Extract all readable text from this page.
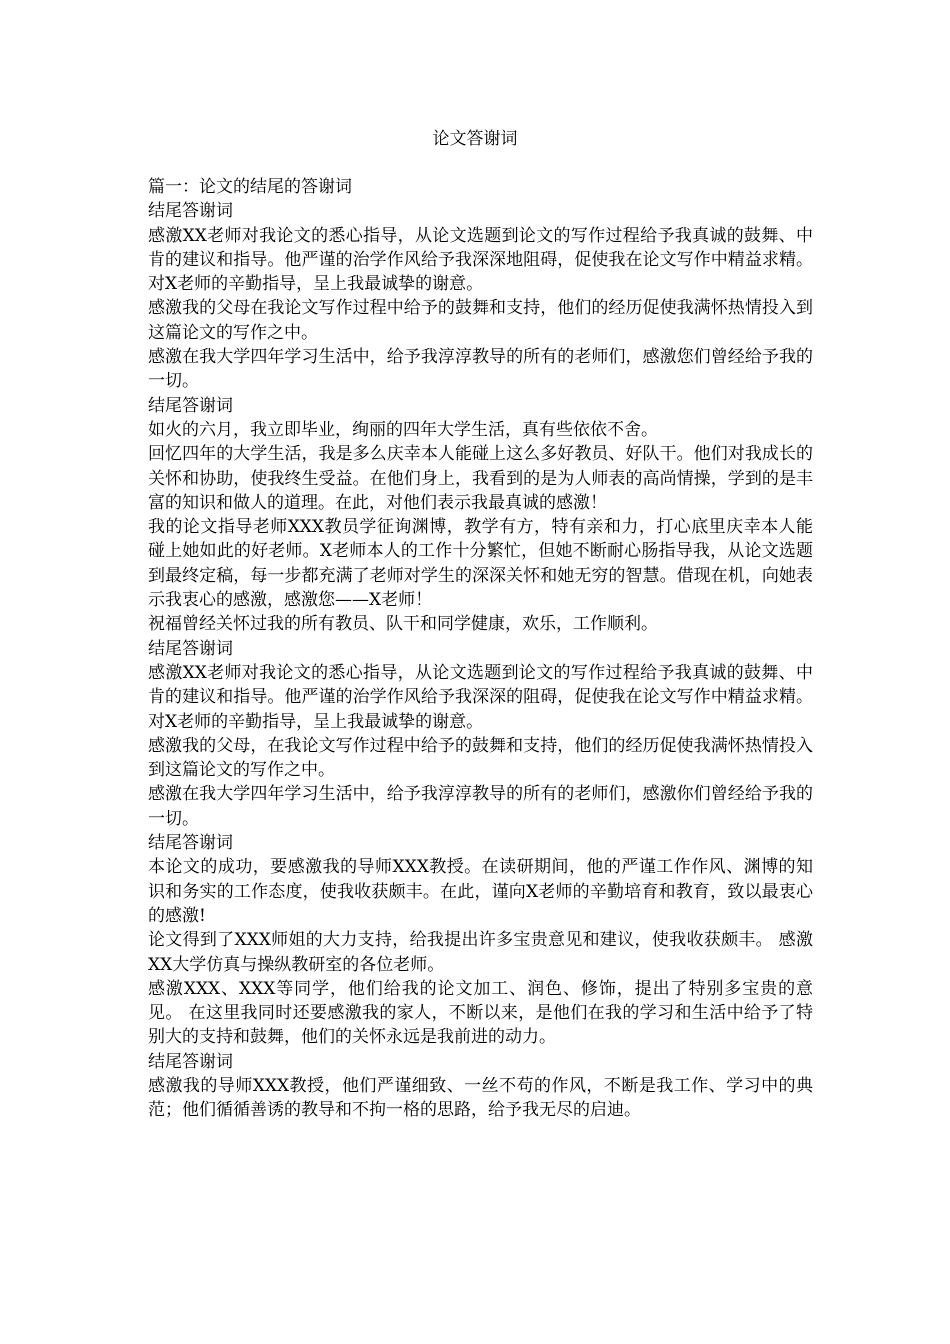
论文答谢词

篇一：论文的结尾的答谢词

结尾答谢词

感激XX老师对我论文的悉心指导，从论文选题到论文的写作过程给予我真诚的鼓舞、中肯的建议和指导。他严谨的治学作风给予我深深地阻碍，促使我在论文写作中精益求精。对X老师的辛勤指导，呈上我最诚挚的谢意。

感激我的父母在我论文写作过程中给予的鼓舞和支持，他们的经历促使我满怀热情投入到这篇论文的写作之中。

感激在我大学四年学习生活中，给予我淳淳教导的所有的老师们，感激您们曾经给予我的一切。

结尾答谢词

如火的六月，我立即毕业，绚丽的四年大学生活，真有些依依不舍。

回忆四年的大学生活，我是多么庆幸本人能碰上这么多好教员、好队干。他们对我成长的关怀和协助，使我终生受益。在他们身上，我看到的是为人师表的高尚情操，学到的是丰富的知识和做人的道理。在此，对他们表示我最真诚的感激！

我的论文指导老师XXX教员学征询渊博，教学有方，特有亲和力，打心底里庆幸本人能碰上她如此的好老师。X老师本人的工作十分繁忙，但她不断耐心肠指导我，从论文选题到最终定稿，每一步都充满了老师对学生的深深关怀和她无穷的智慧。借现在机，向她表示我衷心的感激，感激您——X老师！

祝福曾经关怀过我的所有教员、队干和同学健康，欢乐，工作顺利。

结尾答谢词

感激XX老师对我论文的悉心指导，从论文选题到论文的写作过程给予我真诚的鼓舞、中肯的建议和指导。他严谨的治学作风给予我深深的阻碍，促使我在论文写作中精益求精。对X老师的辛勤指导，呈上我最诚挚的谢意。

感激我的父母，在我论文写作过程中给予的鼓舞和支持，他们的经历促使我满怀热情投入到这篇论文的写作之中。

感激在我大学四年学习生活中，给予我淳淳教导的所有的老师们，感激你们曾经给予我的一切。

结尾答谢词

本论文的成功，要感激我的导师XXX教授。在读研期间，他的严谨工作作风、渊博的知识和务实的工作态度，使我收获颇丰。在此，谨向X老师的辛勤培育和教育，致以最衷心的感激!

论文得到了XXX师姐的大力支持，给我提出许多宝贵意见和建议，使我收获颇丰。 感激XX大学仿真与操纵教研室的各位老师。

感激XXX、XXX等同学，他们给我的论文加工、润色、修饰，提出了特别多宝贵的意见。 在这里我同时还要感激我的家人，不断以来，是他们在我的学习和生活中给予了特别大的支持和鼓舞，他们的关怀永远是我前进的动力。

结尾答谢词

感激我的导师XXX教授，他们严谨细致、一丝不苟的作风，不断是我工作、学习中的典范；他们循循善诱的教导和不拘一格的思路，给予我无尽的启迪。
